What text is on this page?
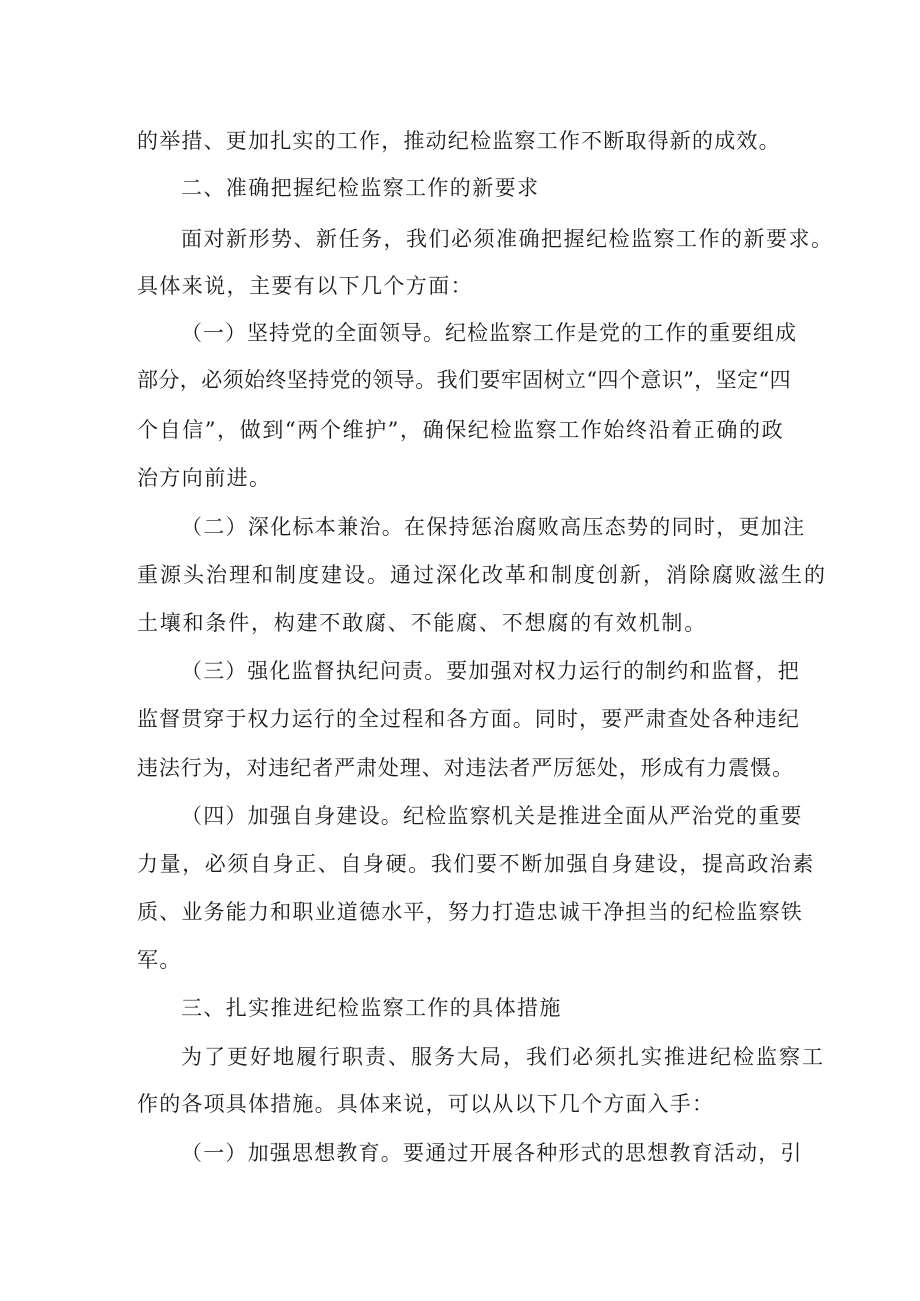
的举措、更加扎实的工作，推动纪检监察工作不断取得新的成效。

二、准确把握纪检监察工作的新要求

面对新形势、新任务，我们必须准确把握纪检监察工作的新要求。

具体来说，主要有以下几个方面：

（一）坚持党的全面领导。纪检监察工作是党的工作的重要组成

部分，必须始终坚持党的领导。我们要牢固树立“四个意识”，坚定“四

个自信”，做到“两个维护”，确保纪检监察工作始终沿着正确的政

治方向前进。

（二）深化标本兼治。在保持惩治腐败高压态势的同时，更加注

重源头治理和制度建设。通过深化改革和制度创新，消除腐败滋生的

土壤和条件，构建不敢腐、不能腐、不想腐的有效机制。

（三）强化监督执纪问责。要加强对权力运行的制约和监督，把

监督贯穿于权力运行的全过程和各方面。同时，要严肃查处各种违纪

违法行为，对违纪者严肃处理、对违法者严厉惩处，形成有力震慑。

（四）加强自身建设。纪检监察机关是推进全面从严治党的重要

力量，必须自身正、自身硬。我们要不断加强自身建设，提高政治素

质、业务能力和职业道德水平，努力打造忠诚干净担当的纪检监察铁

军。

三、扎实推进纪检监察工作的具体措施

为了更好地履行职责、服务大局，我们必须扎实推进纪检监察工

作的各项具体措施。具体来说，可以从以下几个方面入手：

（一）加强思想教育。要通过开展各种形式的思想教育活动，引
